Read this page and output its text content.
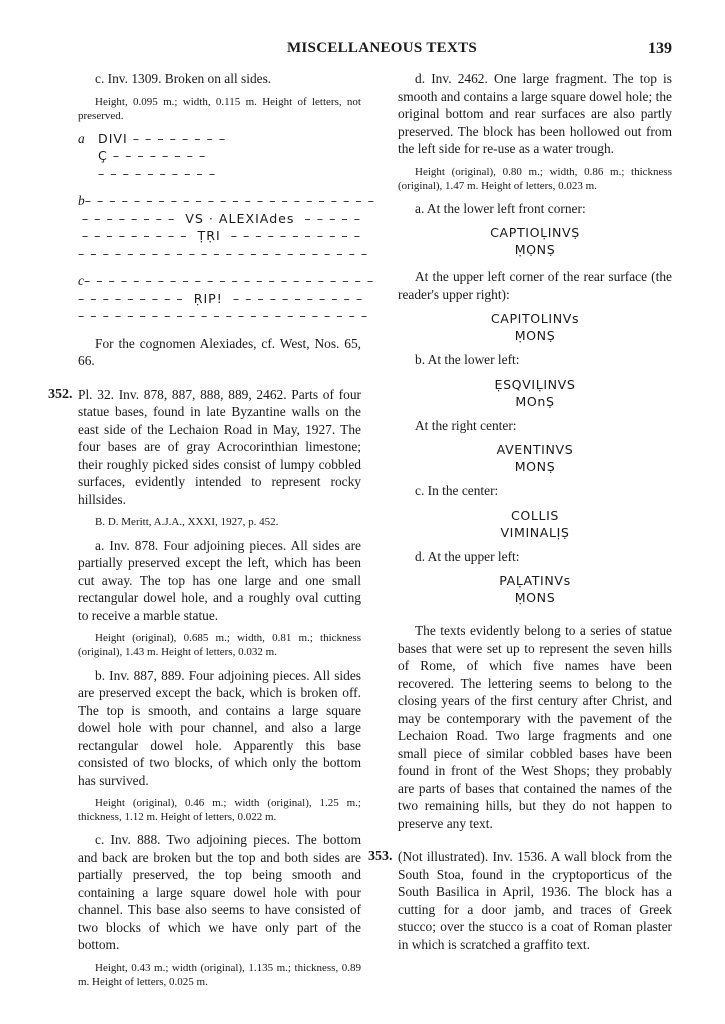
MISCELLANEOUS TEXTS	139

c. Inv. 1309. Broken on all sides.

Height, 0.095 m.; width, 0.115 m. Height of letters, not preserved.

a	DIVI – – – – – – – –
Ç – – – – – – – –
– – – – – – – – – –
b – – – – – – – – – – – – – – – – – – – – – – – –
– – – – – – – –  VS · ALEXIAdes  – – – – –
– – – – – – – – –  ṬṚI  – – – – – – – – – – –
– – – – – – – – – – – – – – – – – – – – – – – –
c – – – – – – – – – – – – – – – – – – – – – – – –
– – – – – – – – –  ṚIP!  – – – – – – – – – – –
– – – – – – – – – – – – – – – – – – – – – – – –

For the cognomen Alexiades, cf. West, Nos. 65, 66.

352. Pl. 32. Inv. 878, 887, 888, 889, 2462. Parts of four statue bases, found in late Byzantine walls on the east side of the Lechaion Road in May, 1927. The four bases are of gray Acrocorinthian limestone; their roughly picked sides consist of lumpy cobbled surfaces, evidently intended to represent rocky hillsides.

B. D. Meritt, A.J.A., XXXI, 1927, p. 452.

a. Inv. 878. Four adjoining pieces. All sides are partially preserved except the left, which has been cut away. The top has one large and one small rectangular dowel hole, and a roughly oval cutting to receive a marble statue.

Height (original), 0.685 m.; width, 0.81 m.; thickness (original), 1.43 m. Height of letters, 0.032 m.

b. Inv. 887, 889. Four adjoining pieces. All sides are preserved except the back, which is broken off. The top is smooth, and contains a large square dowel hole with pour channel, and also a large rectangular dowel hole. Apparently this base consisted of two blocks, of which only the bottom has survived.

Height (original), 0.46 m.; width (original), 1.25 m.; thickness, 1.12 m. Height of letters, 0.022 m.

c. Inv. 888. Two adjoining pieces. The bottom and back are broken but the top and both sides are partially preserved, the top being smooth and containing a large square dowel hole with pour channel. This base also seems to have consisted of two blocks of which we have only part of the bottom.

Height, 0.43 m.; width (original), 1.135 m.; thickness, 0.89 m. Height of letters, 0.025 m.

d. Inv. 2462. One large fragment. The top is smooth and contains a large square dowel hole; the original bottom and rear surfaces are also partly preserved. The block has been hollowed out from the left side for re-use as a water trough.

Height (original), 0.80 m.; width, 0.86 m.; thickness (original), 1.47 m. Height of letters, 0.023 m.

a. At the lower left front corner:

CAPTIOḶINVṢ
ṂỌNṢ

At the upper left corner of the rear surface (the reader's upper right):

CAPITOLINVs
ṂONṢ

b. At the lower left:

ẸSQVIḶINVS
MOnṢ

At the right center:

AVENTINVS
MONṢ

c. In the center:

COLLIS
VIMINALỊṢ

d. At the upper left:

PAḶATINVs
ṂONS

The texts evidently belong to a series of statue bases that were set up to represent the seven hills of Rome, of which five names have been recovered. The lettering seems to belong to the closing years of the first century after Christ, and may be contemporary with the pavement of the Lechaion Road. Two large fragments and one small piece of similar cobbled bases have been found in front of the West Shops; they probably are parts of bases that contained the names of the two remaining hills, but they do not happen to preserve any text.

353. (Not illustrated). Inv. 1536. A wall block from the South Stoa, found in the cryptoporticus of the South Basilica in April, 1936. The block has a cutting for a door jamb, and traces of Greek stucco; over the stucco is a coat of Roman plaster in which is scratched a graffito text.
